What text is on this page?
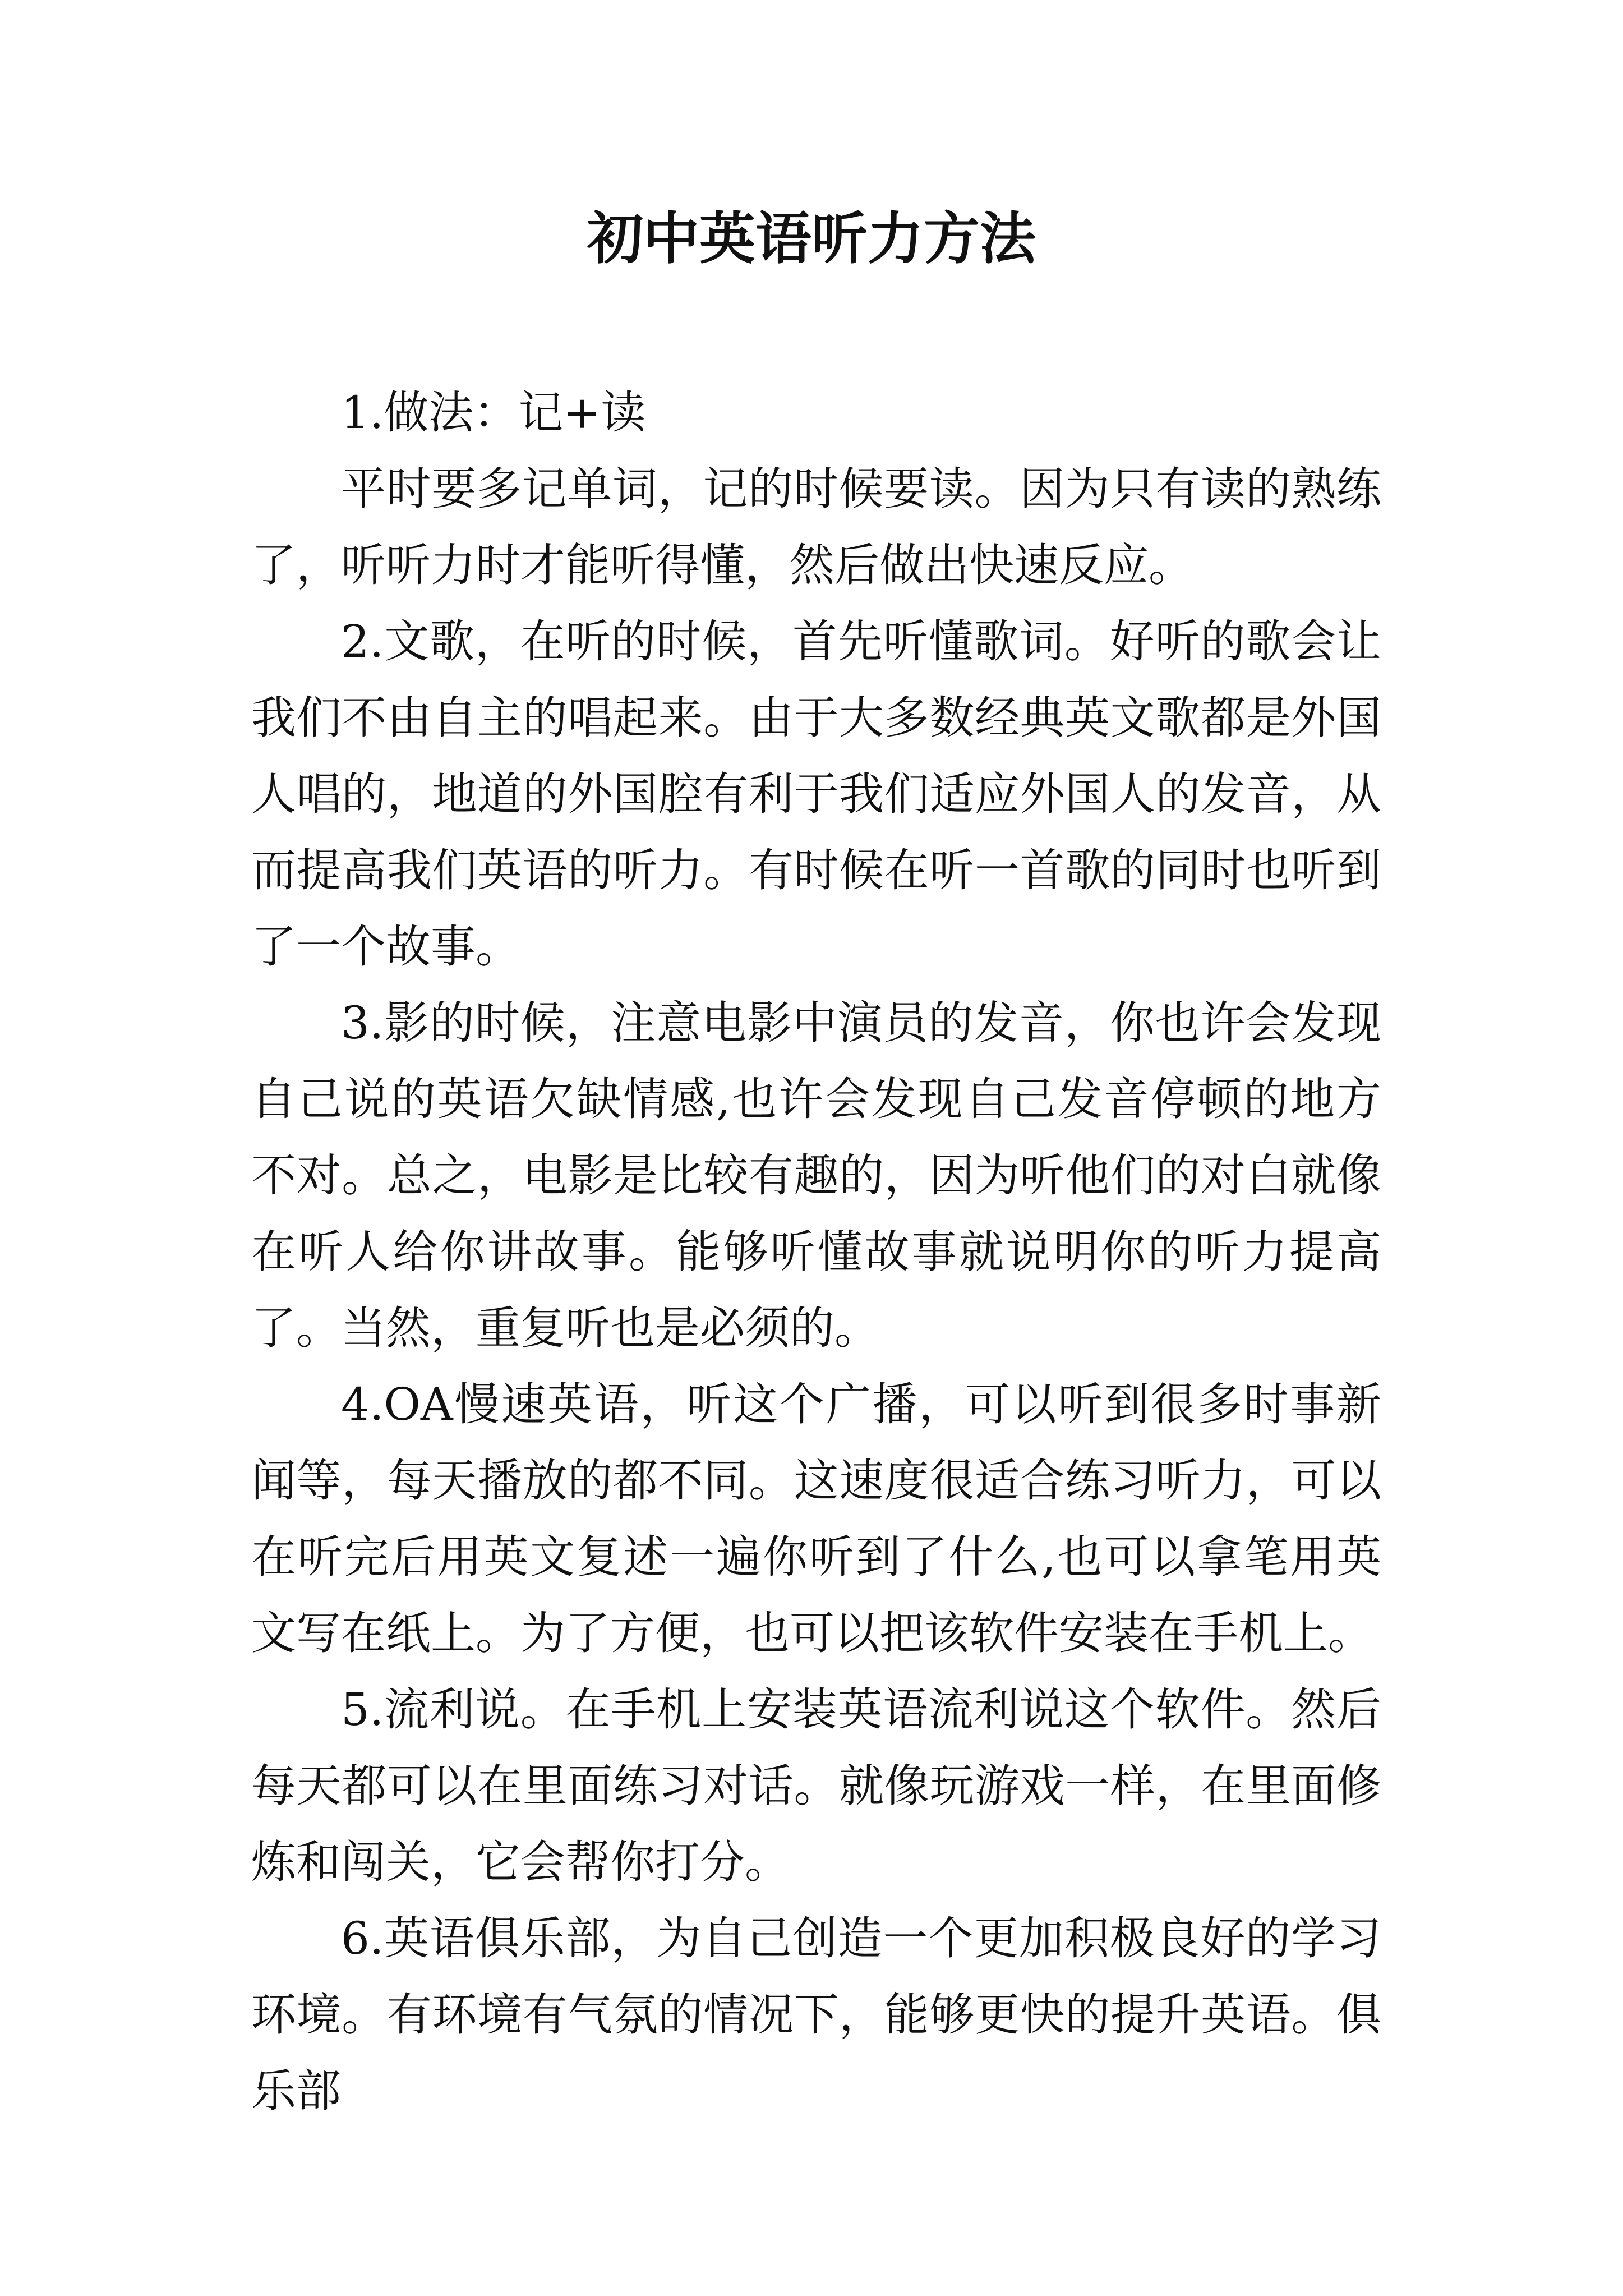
初中英语听力方法

1.做法：记+读

平时要多记单词，记的时候要读。因为只有读的熟练了，听听力时才能听得懂，然后做出快速反应。

2.文歌，在听的时候，首先听懂歌词。好听的歌会让我们不由自主的唱起来。由于大多数经典英文歌都是外国人唱的，地道的外国腔有利于我们适应外国人的发音，从而提高我们英语的听力。有时候在听一首歌的同时也听到了一个故事。

3.影的时候，注意电影中演员的发音，你也许会发现自己说的英语欠缺情感,也许会发现自己发音停顿的地方不对。总之，电影是比较有趣的，因为听他们的对白就像在听人给你讲故事。能够听懂故事就说明你的听力提高了。当然，重复听也是必须的。

4.OA慢速英语，听这个广播，可以听到很多时事新闻等，每天播放的都不同。这速度很适合练习听力，可以在听完后用英文复述一遍你听到了什么,也可以拿笔用英文写在纸上。为了方便，也可以把该软件安装在手机上。

5.流利说。在手机上安装英语流利说这个软件。然后每天都可以在里面练习对话。就像玩游戏一样，在里面修炼和闯关，它会帮你打分。

6.英语俱乐部，为自己创造一个更加积极良好的学习环境。有环境有气氛的情况下，能够更快的提升英语。俱乐部
